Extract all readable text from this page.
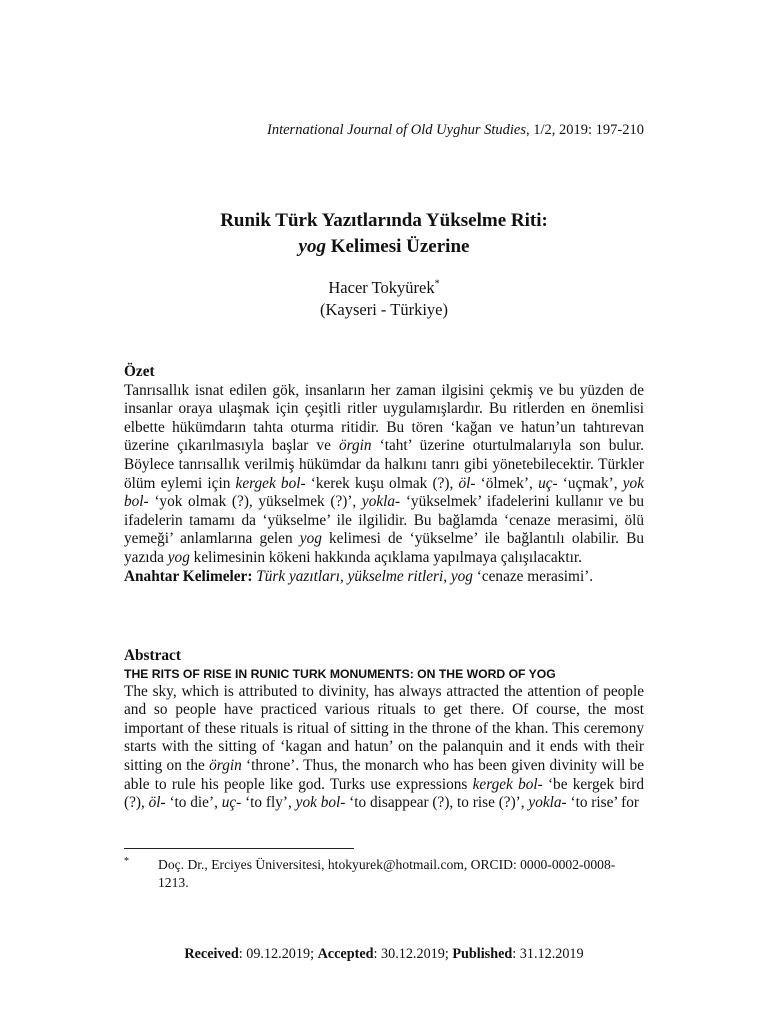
International Journal of Old Uyghur Studies, 1/2, 2019: 197-210
Runik Türk Yazıtlarında Yükselme Riti:
yog Kelimesi Üzerine
Hacer Tokyürek*
(Kayseri - Türkiye)
Özet
Tanrısallık isnat edilen gök, insanların her zaman ilgisini çekmiş ve bu yüzden de insanlar oraya ulaşmak için çeşitli ritler uygulamışlardır. Bu ritlerden en önemlisi elbette hükümdarın tahta oturma ritidir. Bu tören ‘kağan ve hatun’un tahtırevan üzerine çıkarılmasıyla başlar ve örgin ‘taht’ üzerine oturtulmalarıyla son bulur. Böylece tanrısallık verilmiş hükümdar da halkını tanrı gibi yönetebilecektir. Türkler ölüm eylemi için kergek bol- ‘kerek kuşu olmak (?), öl- ‘ölmek’, uç- ‘uçmak’, yok bol- ‘yok olmak (?), yükselmek (?)’, yokla- ‘yükselmek’ ifadelerini kullanır ve bu ifadelerin tamamı da ‘yükselme’ ile ilgilidir. Bu bağlamda ‘cenaze merasimi, ölü yemeği’ anlamlarına gelen yog kelimesi de ‘yükselme’ ile bağlantılı olabilir. Bu yazıda yog kelimesinin kökeni hakkında açıklama yapılmaya çalışılacaktır.
Anahtar Kelimeler: Türk yazıtları, yükselme ritleri, yog ‘cenaze merasimi’.
Abstract
THE RITS OF RISE IN RUNIC TURK MONUMENTS: ON THE WORD OF YOG
The sky, which is attributed to divinity, has always attracted the attention of people and so people have practiced various rituals to get there. Of course, the most important of these rituals is ritual of sitting in the throne of the khan. This ceremony starts with the sitting of ‘kagan and hatun’ on the palanquin and it ends with their sitting on the örgin ‘throne’. Thus, the monarch who has been given divinity will be able to rule his people like god. Turks use expressions kergek bol- ‘be kergek bird (?), öl- ‘to die’, uç- ‘to fly’, yok bol- ‘to disappear (?), to rise (?)’, yokla- ‘to rise’ for
* Doç. Dr., Erciyes Üniversitesi, htokyurek@hotmail.com, ORCID: 0000-0002-0008-1213.
Received: 09.12.2019; Accepted: 30.12.2019; Published: 31.12.2019
